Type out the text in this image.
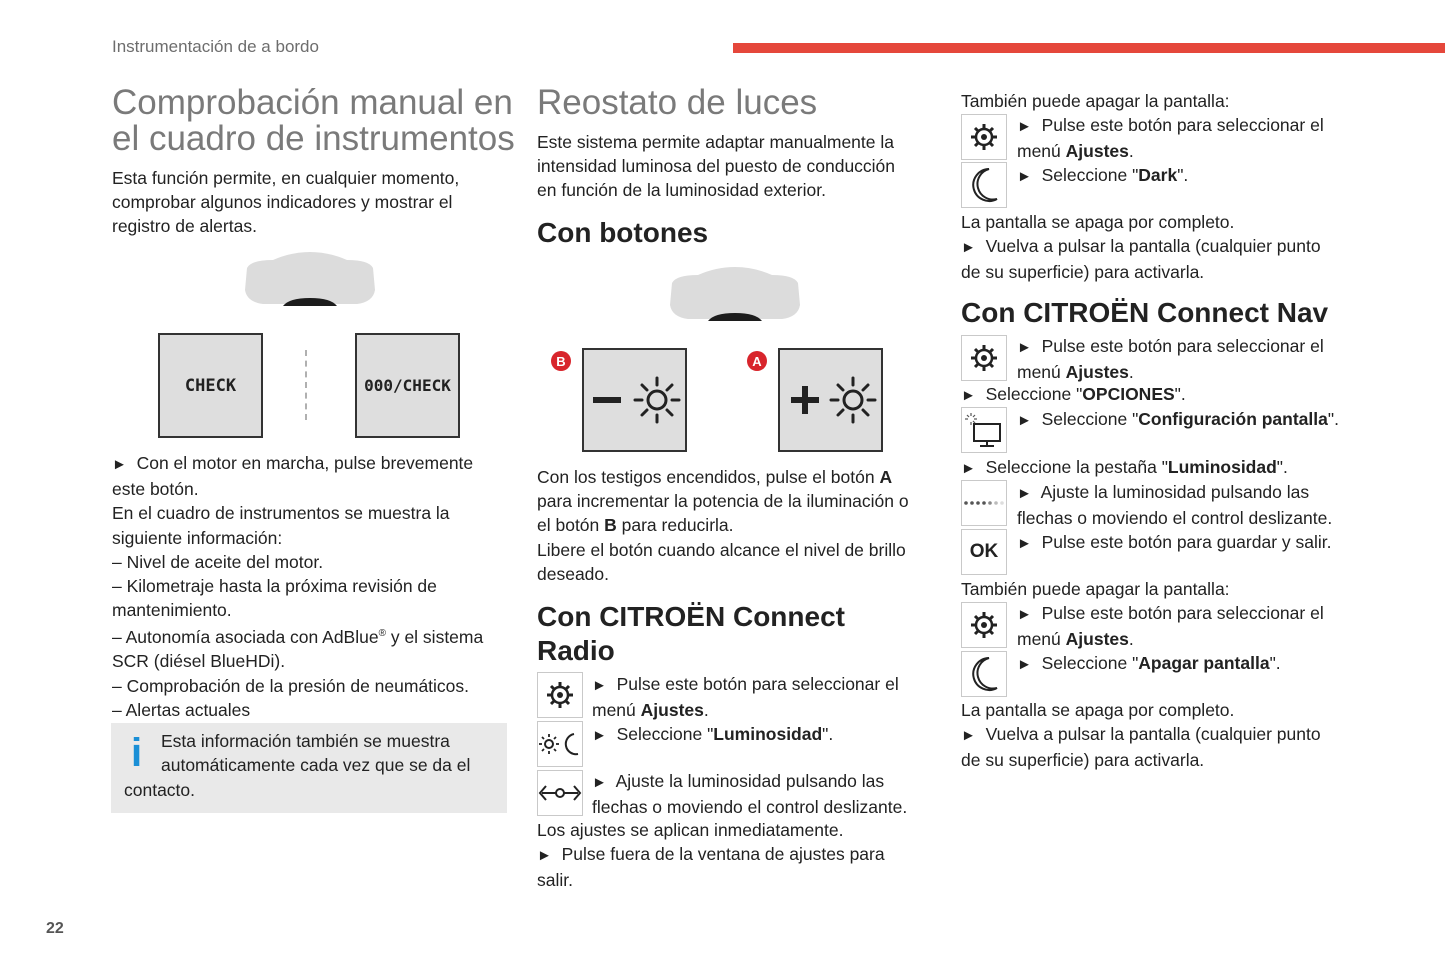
Instrumentación de a bordo
Comprobación manual en
el cuadro de instrumentos
Esta función permite, en cualquier momento,
comprobar algunos indicadores y mostrar el
registro de alertas.
CHECK	000/CHECK
► Con el motor en marcha, pulse brevemente
este botón.
En el cuadro de instrumentos se muestra la
siguiente información:
– Nivel de aceite del motor.
– Kilometraje hasta la próxima revisión de
mantenimiento.
– Autonomía asociada con AdBlue® y el sistema
SCR (diésel BlueHDi).
– Comprobación de la presión de neumáticos.
– Alertas actuales
i Esta información también se muestra
automáticamente cada vez que se da el
contacto.
Reostato de luces
Este sistema permite adaptar manualmente la
intensidad luminosa del puesto de conducción
en función de la luminosidad exterior.
Con botones
B	A
Con los testigos encendidos, pulse el botón A
para incrementar la potencia de la iluminación o
el botón B para reducirla.
Libere el botón cuando alcance el nivel de brillo
deseado.
Con CITROËN Connect
Radio
► Pulse este botón para seleccionar el
menú Ajustes.
► Seleccione "Luminosidad".
► Ajuste la luminosidad pulsando las
flechas o moviendo el control deslizante.
Los ajustes se aplican inmediatamente.
► Pulse fuera de la ventana de ajustes para
salir.
También puede apagar la pantalla:
► Pulse este botón para seleccionar el
menú Ajustes.
► Seleccione "Dark".
La pantalla se apaga por completo.
► Vuelva a pulsar la pantalla (cualquier punto
de su superficie) para activarla.
Con CITROËN Connect Nav
► Pulse este botón para seleccionar el
menú Ajustes.
► Seleccione "OPCIONES".
► Seleccione "Configuración pantalla".
► Seleccione la pestaña "Luminosidad".
OK
► Ajuste la luminosidad pulsando las
flechas o moviendo el control deslizante.
► Pulse este botón para guardar y salir.
También puede apagar la pantalla:
► Pulse este botón para seleccionar el
menú Ajustes.
► Seleccione "Apagar pantalla".
La pantalla se apaga por completo.
► Vuelva a pulsar la pantalla (cualquier punto
de su superficie) para activarla.
22
